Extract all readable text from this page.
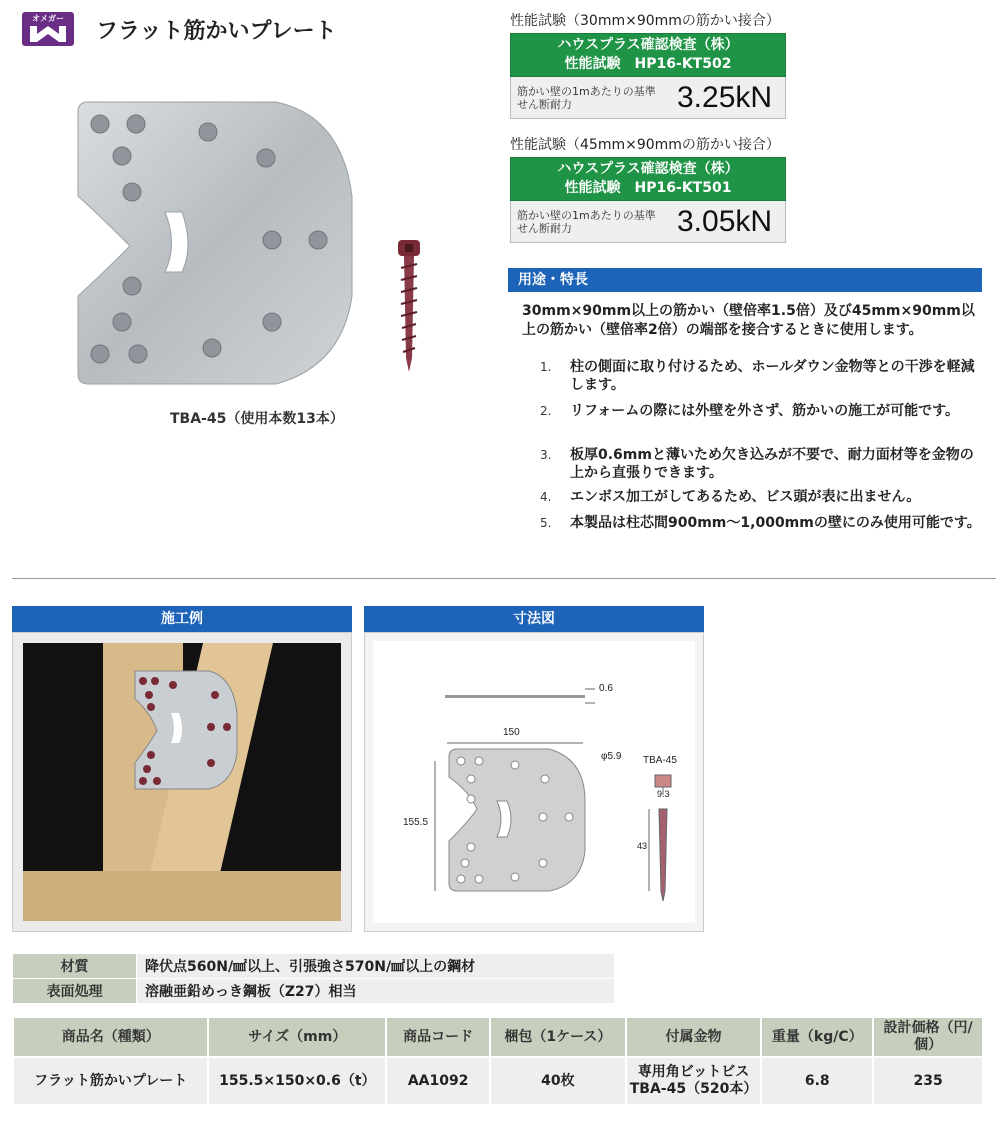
オメガー
フラット筋かいプレート
TBA-45（使用本数13本）
性能試験（30mm×90mmの筋かい接合）
ハウスプラス確認検査（株）
性能試験　HP16-KT502
筋かい壁の1mあたりの基準せん断耐力	3.25kN
性能試験（45mm×90mmの筋かい接合）
ハウスプラス確認検査（株）
性能試験　HP16-KT501
筋かい壁の1mあたりの基準せん断耐力	3.05kN
用途・特長
30mm×90mm以上の筋かい（壁倍率1.5倍）及び45mm×90mm以上の筋かい（壁倍率2倍）の端部を接合するときに使用します。
1.	柱の側面に取り付けるため、ホールダウン金物等との干渉を軽減します。
2.	リフォームの際には外壁を外さず、筋かいの施工が可能です。
3.	板厚0.6mmと薄いため欠き込みが不要で、耐力面材等を金物の上から直張りできます。
4.	エンボス加工がしてあるため、ビス頭が表に出ません。
5.	本製品は柱芯間900mm～1,000mmの壁にのみ使用可能です。
施工例	寸法図
0.6
150
155.5
φ5.9 TBA-45
9.3
43
材質	降伏点560N/㎟以上、引張強さ570N/㎟以上の鋼材
表面処理	溶融亜鉛めっき鋼板（Z27）相当
商品名（種類）	サイズ（mm）	商品コード	梱包（1ケース）	付属金物	重量（kg/C）	設計価格（円/個）
フラット筋かいプレート	155.5×150×0.6（t）	AA1092	40枚	専用角ビットビスTBA-45（520本）	6.8	235
